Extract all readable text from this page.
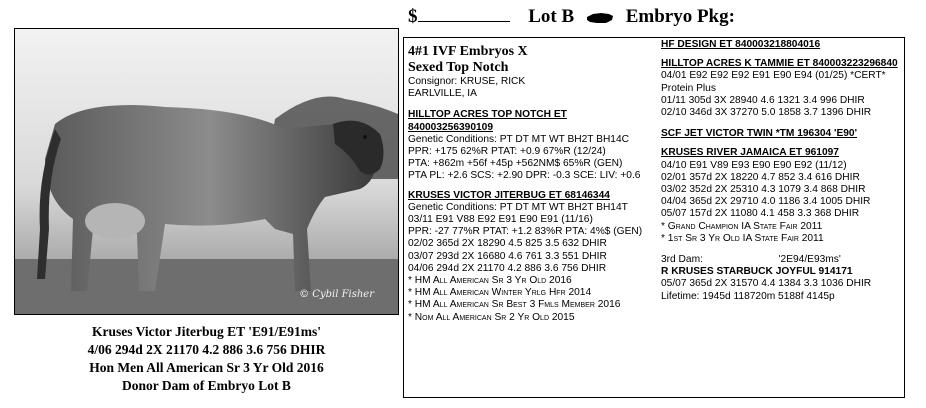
$	Lot B	Embryo Pkg:
© Cybil Fisher
Kruses Victor Jiterbug ET 'E91/E91ms'
4/06 294d 2X 21170 4.2 886 3.6 756 DHIR
Hon Men All American Sr 3 Yr Old 2016
Donor Dam of Embryo Lot B
4#1 IVF Embryos X
Sexed Top Notch
Consignor: KRUSE, RICK
EARLVILLE, IA
HILLTOP ACRES TOP NOTCH ET
840003256390109
Genetic Conditions: PT DT MT WT BH2T BH14C
PPR: +175 62%R PTAT: +0.9 67%R (12/24)
PTA: +862m +56f +45p +562NM$ 65%R (GEN)
PTA PL: +2.6 SCS: +2.90 DPR: -0.3 SCE: LIV: +0.6
KRUSES VICTOR JITERBUG ET 68146344
Genetic Conditions: PT DT MT WT BH2T BH14T
03/11 E91 V88 E92 E91 E90 E91 (11/16)
PPR: -27 77%R PTAT: +1.2 83%R PTA: 4%$ (GEN)
02/02 365d 2X 18290 4.5 825 3.5 632 DHIR
03/07 293d 2X 16680 4.6 761 3.3 551 DHIR
04/06 294d 2X 21170 4.2 886 3.6 756 DHIR
* HM All American Sr 3 Yr Old 2016
* HM All American Winter Yrlg Hfr 2014
* HM All American Sr Best 3 Fmls Member 2016
* Nom All American Sr 2 Yr Old 2015
HF DESIGN ET 840003218804016
HILLTOP ACRES K TAMMIE ET 840003223296840
04/01 E92 E92 E92 E91 E90 E94 (01/25) *CERT*
Protein Plus
01/11 305d 3X 28940 4.6 1321 3.4 996 DHIR
02/10 346d 3X 37270 5.0 1858 3.7 1396 DHIR
SCF JET VICTOR TWIN *TM 196304 'E90'
KRUSES RIVER JAMAICA ET 961097
04/10 E91 V89 E93 E90 E90 E92 (11/12)
02/01 357d 2X 18220 4.7 852 3.4 616 DHIR
03/02 352d 2X 25310 4.3 1079 3.4 868 DHIR
04/04 365d 2X 29710 4.0 1186 3.4 1005 DHIR
05/07 157d 2X 11080 4.1 458 3.3 368 DHIR
* Grand Champion IA State Fair 2011
* 1st Sr 3 Yr Old IA State Fair 2011
3rd Dam:	'2E94/E93ms'
R KRUSES STARBUCK JOYFUL 914171
05/07 365d 2X 31570 4.4 1384 3.3 1036 DHIR
Lifetime: 1945d 118720m 5188f 4145p
